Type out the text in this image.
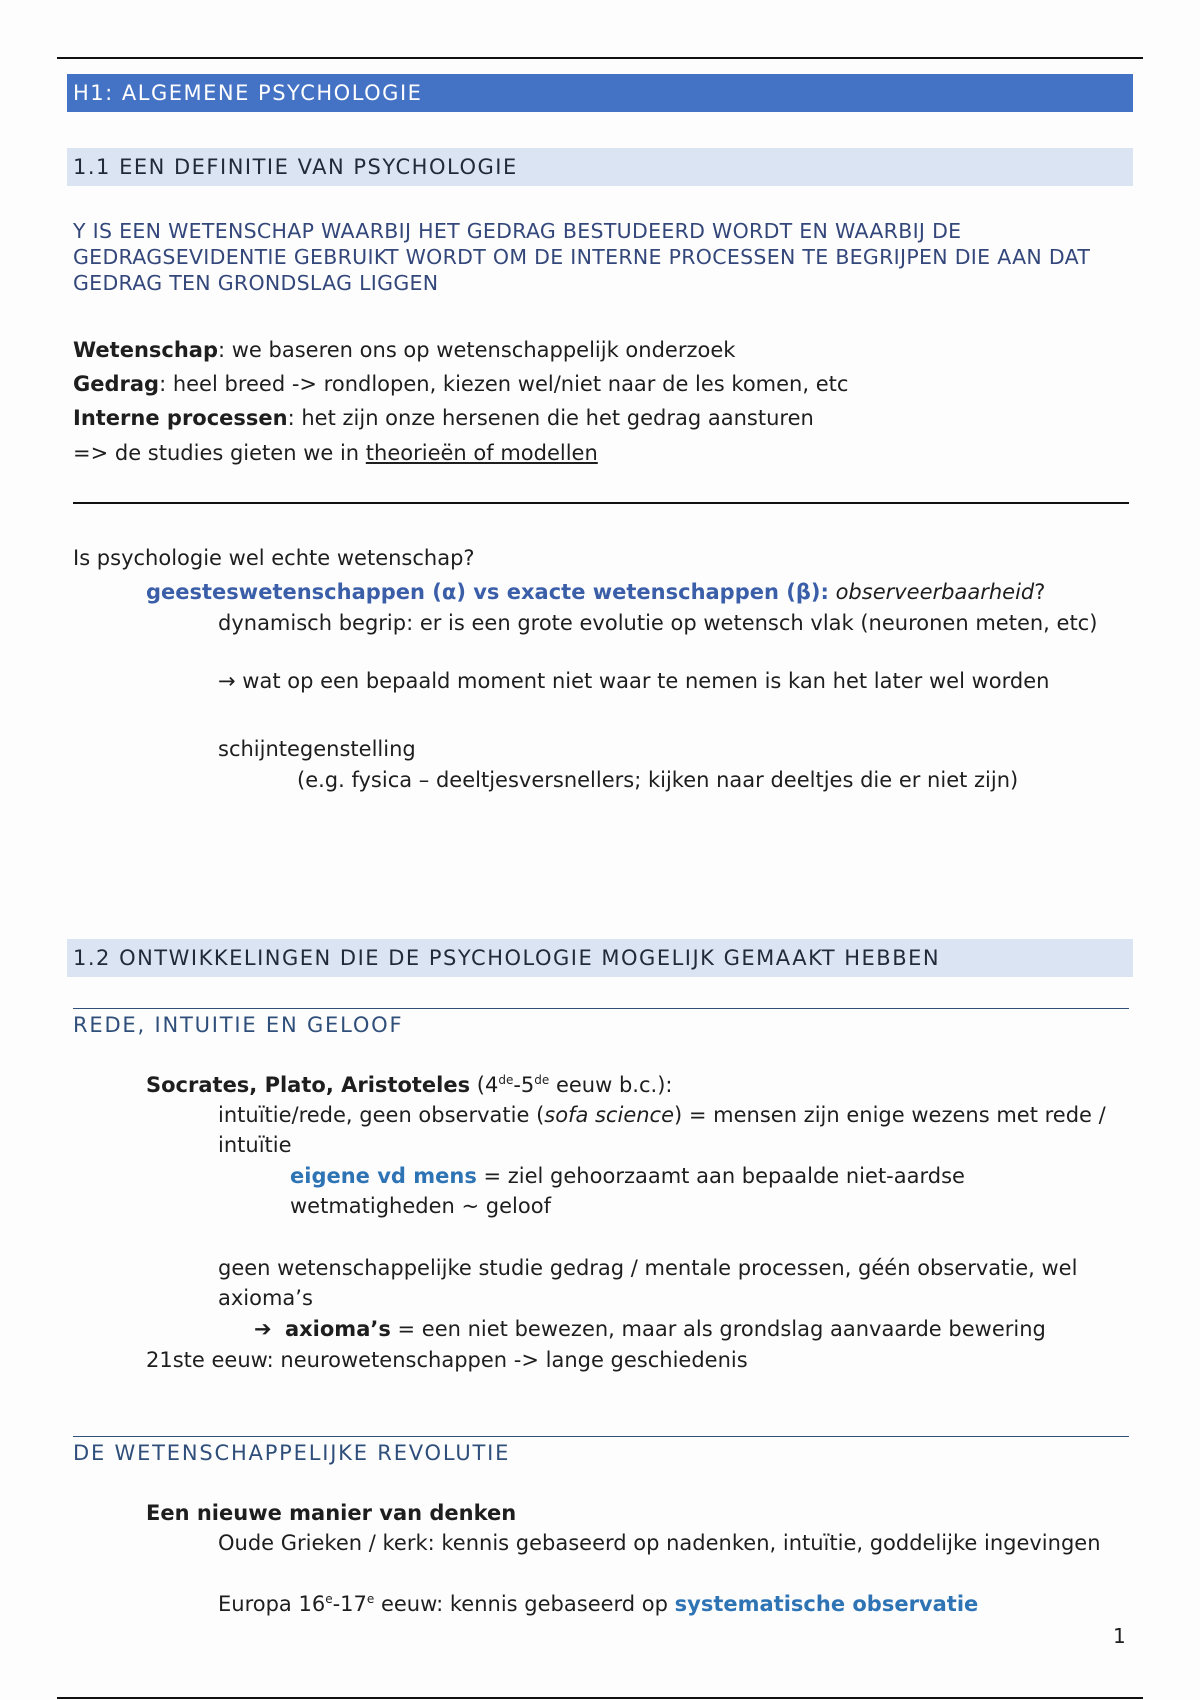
H1: ALGEMENE PSYCHOLOGIE
1.1 EEN DEFINITIE VAN PSYCHOLOGIE
Y IS EEN WETENSCHAP WAARBIJ HET GEDRAG BESTUDEERD WORDT EN WAARBIJ DE GEDRAGSEVIDENTIE GEBRUIKT WORDT OM DE INTERNE PROCESSEN TE BEGRIJPEN DIE AAN DAT GEDRAG TEN GRONDSLAG LIGGEN
Wetenschap: we baseren ons op wetenschappelijk onderzoek
Gedrag: heel breed -> rondlopen, kiezen wel/niet naar de les komen, etc
Interne processen: het zijn onze hersenen die het gedrag aansturen
=> de studies gieten we in theorieën of modellen
Is psychologie wel echte wetenschap?
geesteswetenschappen (α) vs exacte wetenschappen (β): observeerbaarheid?
dynamisch begrip: er is een grote evolutie op wetensch vlak (neuronen meten, etc)
→ wat op een bepaald moment niet waar te nemen is kan het later wel worden
schijntegenstelling
(e.g. fysica – deeltjesversnellers; kijken naar deeltjes die er niet zijn)
1.2 ONTWIKKELINGEN DIE DE PSYCHOLOGIE MOGELIJK GEMAAKT HEBBEN
REDE, INTUITIE EN GELOOF
Socrates, Plato, Aristoteles (4de-5de eeuw b.c.):
intuïtie/rede, geen observatie (sofa science) = mensen zijn enige wezens met rede / intuïtie
eigene vd mens = ziel gehoorzaamt aan bepaalde niet-aardse wetmatigheden ~ geloof
geen wetenschappelijke studie gedrag / mentale processen, géén observatie, wel axioma’s
➔ axioma’s = een niet bewezen, maar als grondslag aanvaarde bewering
21ste eeuw: neurowetenschappen -> lange geschiedenis
DE WETENSCHAPPELIJKE REVOLUTIE
Een nieuwe manier van denken
Oude Grieken / kerk: kennis gebaseerd op nadenken, intuïtie, goddelijke ingevingen
Europa 16e-17e eeuw: kennis gebaseerd op systematische observatie
1
